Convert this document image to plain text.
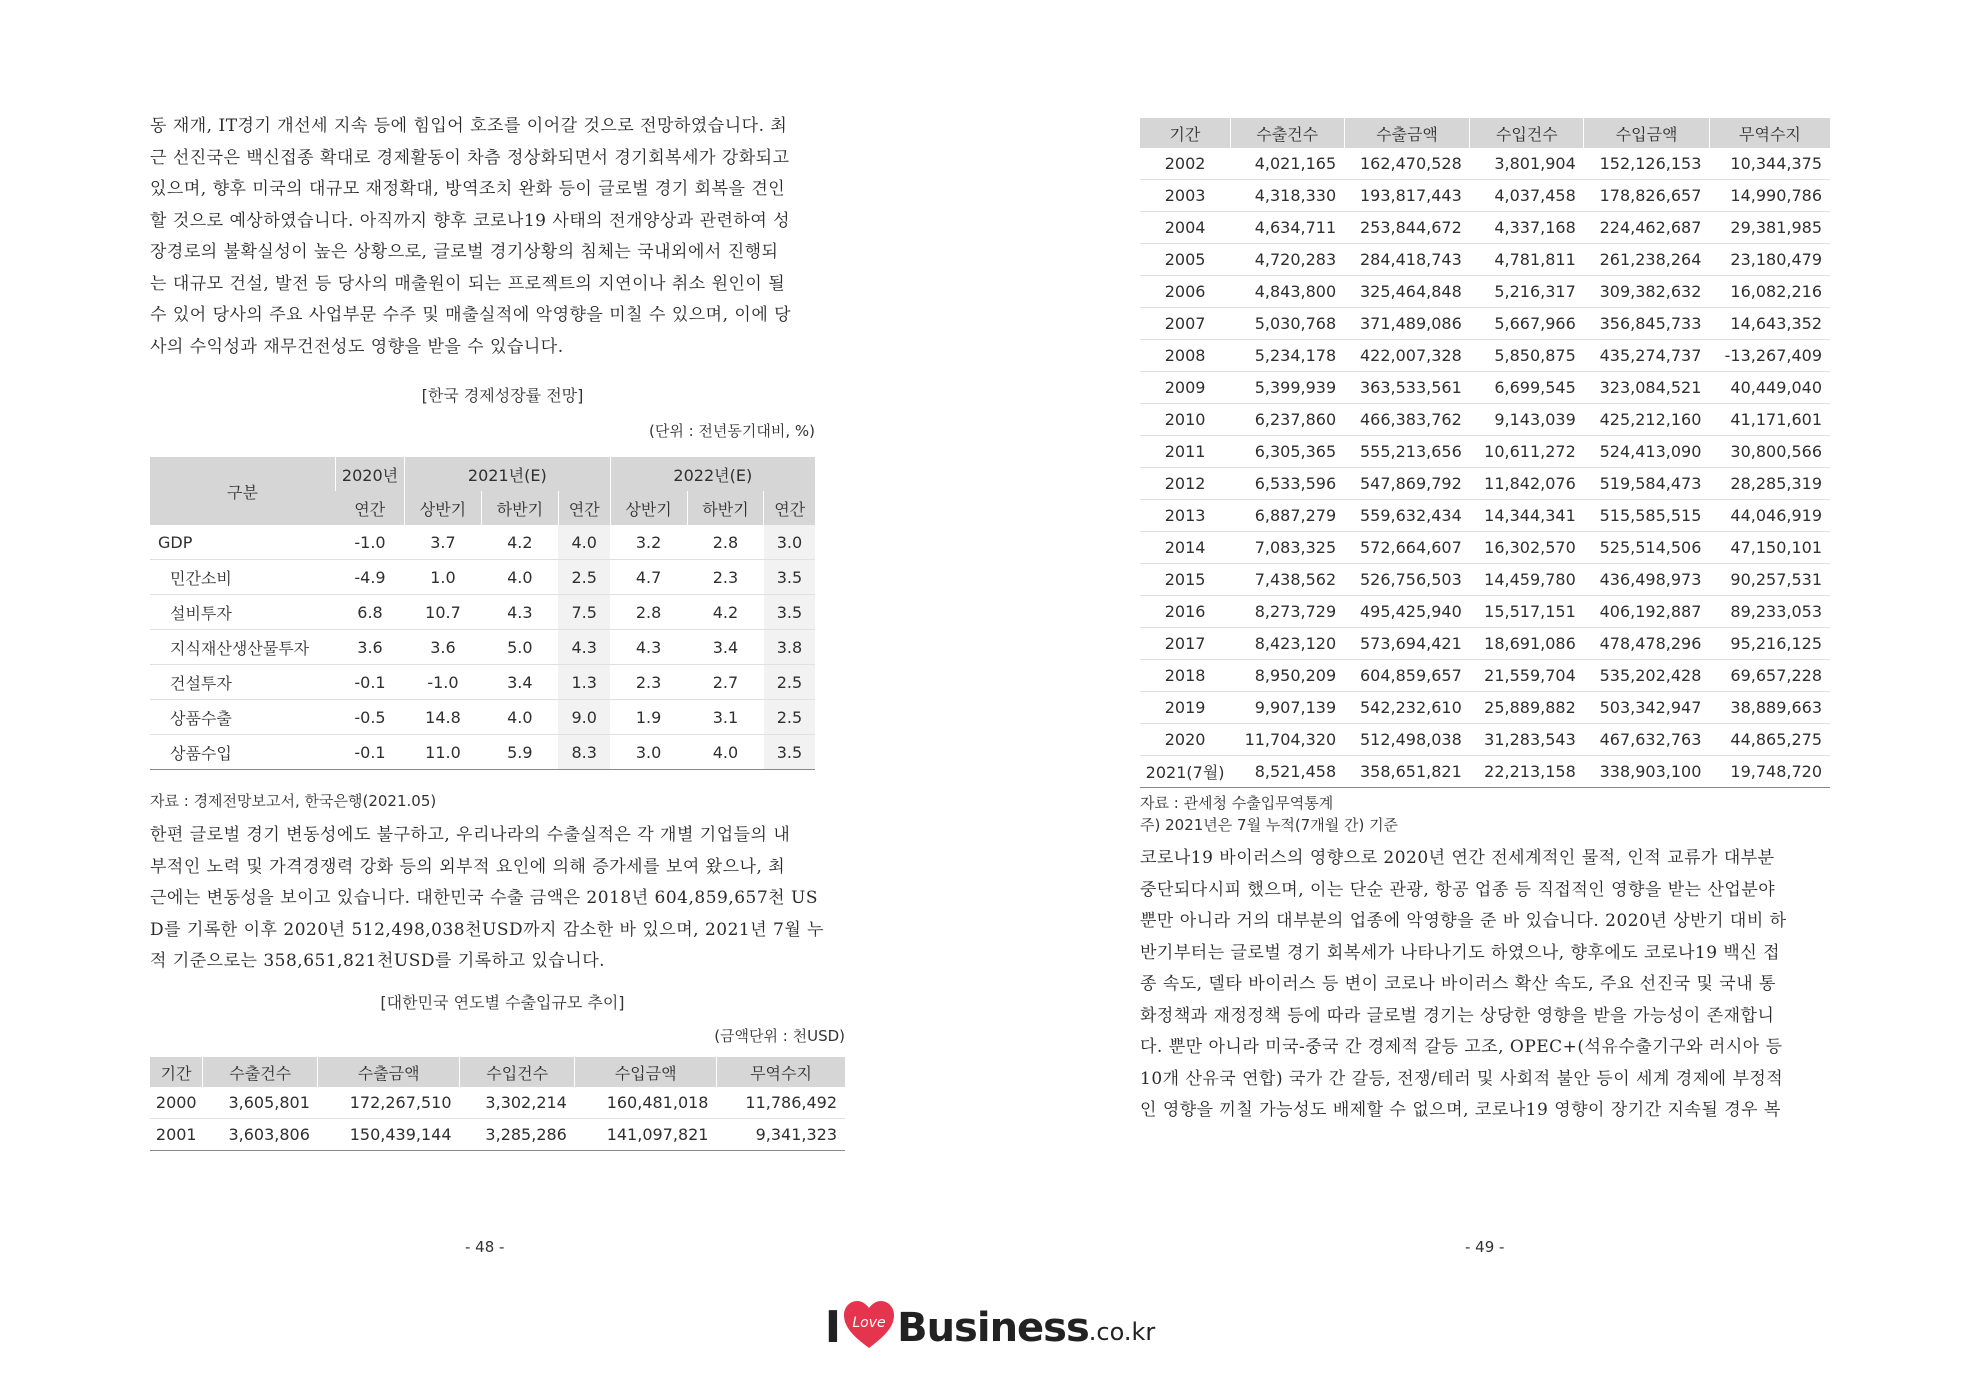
동 재개, IT경기 개선세 지속 등에 힘입어 호조를 이어갈 것으로 전망하였습니다. 최
근 선진국은 백신접종 확대로 경제활동이 차츰 정상화되면서 경기회복세가 강화되고
있으며, 향후 미국의 대규모 재정확대, 방역조치 완화 등이 글로벌 경기 회복을 견인
할 것으로 예상하였습니다. 아직까지 향후 코로나19 사태의 전개양상과 관련하여 성
장경로의 불확실성이 높은 상황으로, 글로벌 경기상황의 침체는 국내외에서 진행되
는 대규모 건설, 발전 등 당사의 매출원이 되는 프로젝트의 지연이나 취소 원인이 될
수 있어 당사의 주요 사업부문 수주 및 매출실적에 악영향을 미칠 수 있으며, 이에 당
사의 수익성과 재무건전성도 영향을 받을 수 있습니다.
[한국 경제성장률 전망]
(단위 : 전년동기대비, %)
구분	2020년	2021년(E)			2022년(E)		
	연간	상반기	하반기	연간	상반기	하반기	연간
GDP	-1.0	3.7	4.2	4.0	3.2	2.8	3.0
민간소비	-4.9	1.0	4.0	2.5	4.7	2.3	3.5
설비투자	6.8	10.7	4.3	7.5	2.8	4.2	3.5
지식재산생산물투자	3.6	3.6	5.0	4.3	4.3	3.4	3.8
건설투자	-0.1	-1.0	3.4	1.3	2.3	2.7	2.5
상품수출	-0.5	14.8	4.0	9.0	1.9	3.1	2.5
상품수입	-0.1	11.0	5.9	8.3	3.0	4.0	3.5
자료 : 경제전망보고서, 한국은행(2021.05)
한편 글로벌 경기 변동성에도 불구하고, 우리나라의 수출실적은 각 개별 기업들의 내
부적인 노력 및 가격경쟁력 강화 등의 외부적 요인에 의해 증가세를 보여 왔으나, 최
근에는 변동성을 보이고 있습니다. 대한민국 수출 금액은 2018년 604,859,657천 US
D를 기록한 이후 2020년 512,498,038천USD까지 감소한 바 있으며, 2021년 7월 누
적 기준으로는 358,651,821천USD를 기록하고 있습니다.
[대한민국 연도별 수출입규모 추이]
(금액단위 : 천USD)
기간	수출건수	수출금액	수입건수	수입금액	무역수지
2000	3,605,801	172,267,510	3,302,214	160,481,018	11,786,492
2001	3,603,806	150,439,144	3,285,286	141,097,821	9,341,323
- 48 -
기간	수출건수	수출금액	수입건수	수입금액	무역수지
2002	4,021,165	162,470,528	3,801,904	152,126,153	10,344,375
2003	4,318,330	193,817,443	4,037,458	178,826,657	14,990,786
2004	4,634,711	253,844,672	4,337,168	224,462,687	29,381,985
2005	4,720,283	284,418,743	4,781,811	261,238,264	23,180,479
2006	4,843,800	325,464,848	5,216,317	309,382,632	16,082,216
2007	5,030,768	371,489,086	5,667,966	356,845,733	14,643,352
2008	5,234,178	422,007,328	5,850,875	435,274,737	-13,267,409
2009	5,399,939	363,533,561	6,699,545	323,084,521	40,449,040
2010	6,237,860	466,383,762	9,143,039	425,212,160	41,171,601
2011	6,305,365	555,213,656	10,611,272	524,413,090	30,800,566
2012	6,533,596	547,869,792	11,842,076	519,584,473	28,285,319
2013	6,887,279	559,632,434	14,344,341	515,585,515	44,046,919
2014	7,083,325	572,664,607	16,302,570	525,514,506	47,150,101
2015	7,438,562	526,756,503	14,459,780	436,498,973	90,257,531
2016	8,273,729	495,425,940	15,517,151	406,192,887	89,233,053
2017	8,423,120	573,694,421	18,691,086	478,478,296	95,216,125
2018	8,950,209	604,859,657	21,559,704	535,202,428	69,657,228
2019	9,907,139	542,232,610	25,889,882	503,342,947	38,889,663
2020	11,704,320	512,498,038	31,283,543	467,632,763	44,865,275
2021(7월)	8,521,458	358,651,821	22,213,158	338,903,100	19,748,720
자료 : 관세청 수출입무역통계
주) 2021년은 7월 누적(7개월 간) 기준
코로나19 바이러스의 영향으로 2020년 연간 전세계적인 물적, 인적 교류가 대부분
중단되다시피 했으며, 이는 단순 관광, 항공 업종 등 직접적인 영향을 받는 산업분야
뿐만 아니라 거의 대부분의 업종에 악영향을 준 바 있습니다. 2020년 상반기 대비 하
반기부터는 글로벌 경기 회복세가 나타나기도 하였으나, 향후에도 코로나19 백신 접
종 속도, 델타 바이러스 등 변이 코로나 바이러스 확산 속도, 주요 선진국 및 국내 통
화정책과 재정정책 등에 따라 글로벌 경기는 상당한 영향을 받을 가능성이 존재합니
다. 뿐만 아니라 미국-중국 간 경제적 갈등 고조, OPEC+(석유수출기구와 러시아 등
10개 산유국 연합) 국가 간 갈등, 전쟁/테러 및 사회적 불안 등이 세계 경제에 부정적
인 영향을 끼칠 가능성도 배제할 수 없으며, 코로나19 영향이 장기간 지속될 경우 복
- 49 -
I Love Business .co.kr
